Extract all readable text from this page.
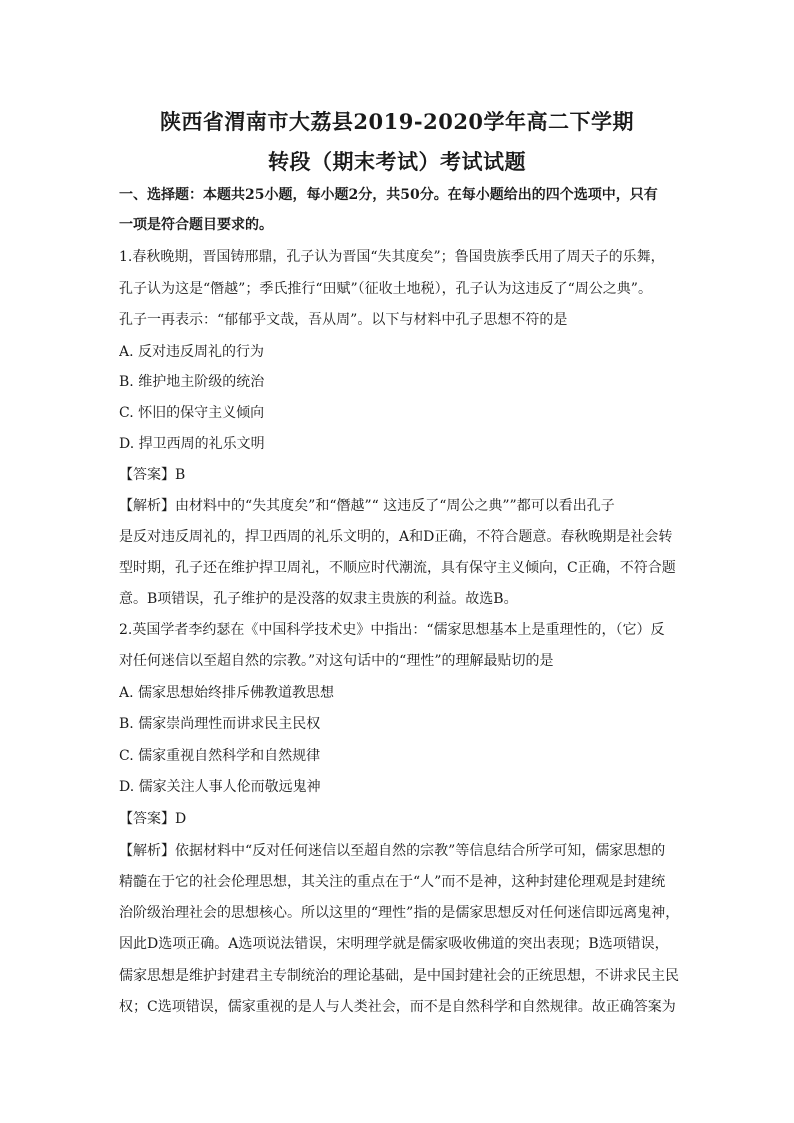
陕西省渭南市大荔县2019-2020学年高二下学期
转段（期末考试）考试试题
一、选择题：本题共25小题，每小题2分，共50分。在每小题给出的四个选项中，只有
一项是符合题目要求的。
1.春秋晚期，晋国铸邢鼎，孔子认为晋国“失其度矣”；鲁国贵族季氏用了周天子的乐舞，
孔子认为这是“僭越”；季氏推行“田赋”（征收土地税），孔子认为这违反了“周公之典”。
孔子一再表示：“郁郁乎文哉，吾从周”。以下与材料中孔子思想不符的是
A. 反对违反周礼的行为
B. 维护地主阶级的统治
C. 怀旧的保守主义倾向
D. 捍卫西周的礼乐文明
【答案】B
【解析】由材料中的“失其度矣”和“僭越”“ 这违反了“周公之典””都可以看出孔子
是反对违反周礼的，捍卫西周的礼乐文明的，A和D正确，不符合题意。春秋晚期是社会转
型时期，孔子还在维护捍卫周礼，不顺应时代潮流，具有保守主义倾向，C正确，不符合题
意。B项错误，孔子维护的是没落的奴隶主贵族的利益。故选B。
2.英国学者李约瑟在《中国科学技术史》中指出：“儒家思想基本上是重理性的，（它）反
对任何迷信以至超自然的宗教。”对这句话中的“理性”的理解最贴切的是
A. 儒家思想始终排斥佛教道教思想
B. 儒家崇尚理性而讲求民主民权
C. 儒家重视自然科学和自然规律
D. 儒家关注人事人伦而敬远鬼神
【答案】D
【解析】依据材料中“反对任何迷信以至超自然的宗教”等信息结合所学可知，儒家思想的
精髓在于它的社会伦理思想，其关注的重点在于“人”而不是神，这种封建伦理观是封建统
治阶级治理社会的思想核心。所以这里的“理性”指的是儒家思想反对任何迷信即远离鬼神，
因此D选项正确。A选项说法错误，宋明理学就是儒家吸收佛道的突出表现；B选项错误，
儒家思想是维护封建君主专制统治的理论基础，是中国封建社会的正统思想，不讲求民主民
权；C选项错误，儒家重视的是人与人类社会，而不是自然科学和自然规律。故正确答案为
